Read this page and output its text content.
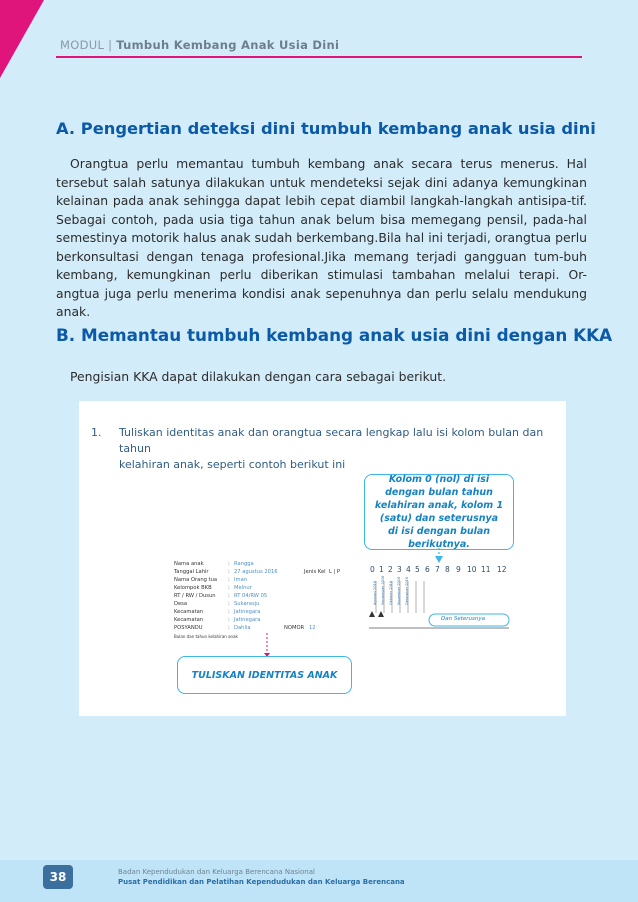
MODUL | Tumbuh Kembang Anak Usia Dini
A. Pengertian deteksi dini tumbuh kembang anak usia dini

Orangtua perlu memantau tumbuh kembang anak secara terus menerus. Hal tersebut salah satunya dilakukan untuk mendeteksi sejak dini adanya kemungkinan kelainan pada anak sehingga dapat lebih cepat diambil langkah-langkah antisipa-tif. Sebagai contoh, pada usia tiga tahun anak belum bisa memegang pensil, pada-hal semestinya motorik halus anak sudah berkembang.Bila hal ini terjadi, orangtua perlu berkonsultasi dengan tenaga profesional.Jika memang terjadi gangguan tum-buh kembang, kemungkinan perlu diberikan stimulasi tambahan melalui terapi. Or-angtua juga perlu menerima kondisi anak sepenuhnya dan perlu selalu mendukung anak.

B. Memantau tumbuh kembang anak usia dini dengan KKA
Pengisian KKA dapat dilakukan dengan cara sebagai berikut.
1. Tuliskan identitas anak dan orangtua secara lengkap lalu isi kolom bulan dan tahun
kelahiran anak, seperti contoh berikut ini
Kolom 0 (nol) di isi dengan bulan tahun kelahiran anak, kolom 1 (satu) dan seterusnya di isi dengan bulan berikutnya.
Nama anak	: Rangga
Tanggal Lahir	: 27 agustus 2016	Jenis Kel L | P
Nama Orang tua : Iman
Kelompok BKB	: Melnur
RT / RW / Dusun : RT 04/RW 05
Desa	: Sukarasju
Kecamatan	: Jatinegara
Kecamatan	: Jatinegara
POSYANDU	: Dahlia	NOMOR 12
Bulan dan tahun kelahiran anak
0 1 2 3 4 5 6 7 8 9 10 11 12
Agustus 2016 September 2016 Oktober 2016 November 2016 Desember 2016
Dan Seterusnya
TULISKAN IDENTITAS ANAK
38	Badan Kependudukan dan Keluarga Berencana Nasional
Pusat Pendidikan dan Pelatihan Kependudukan dan Keluarga Berencana
